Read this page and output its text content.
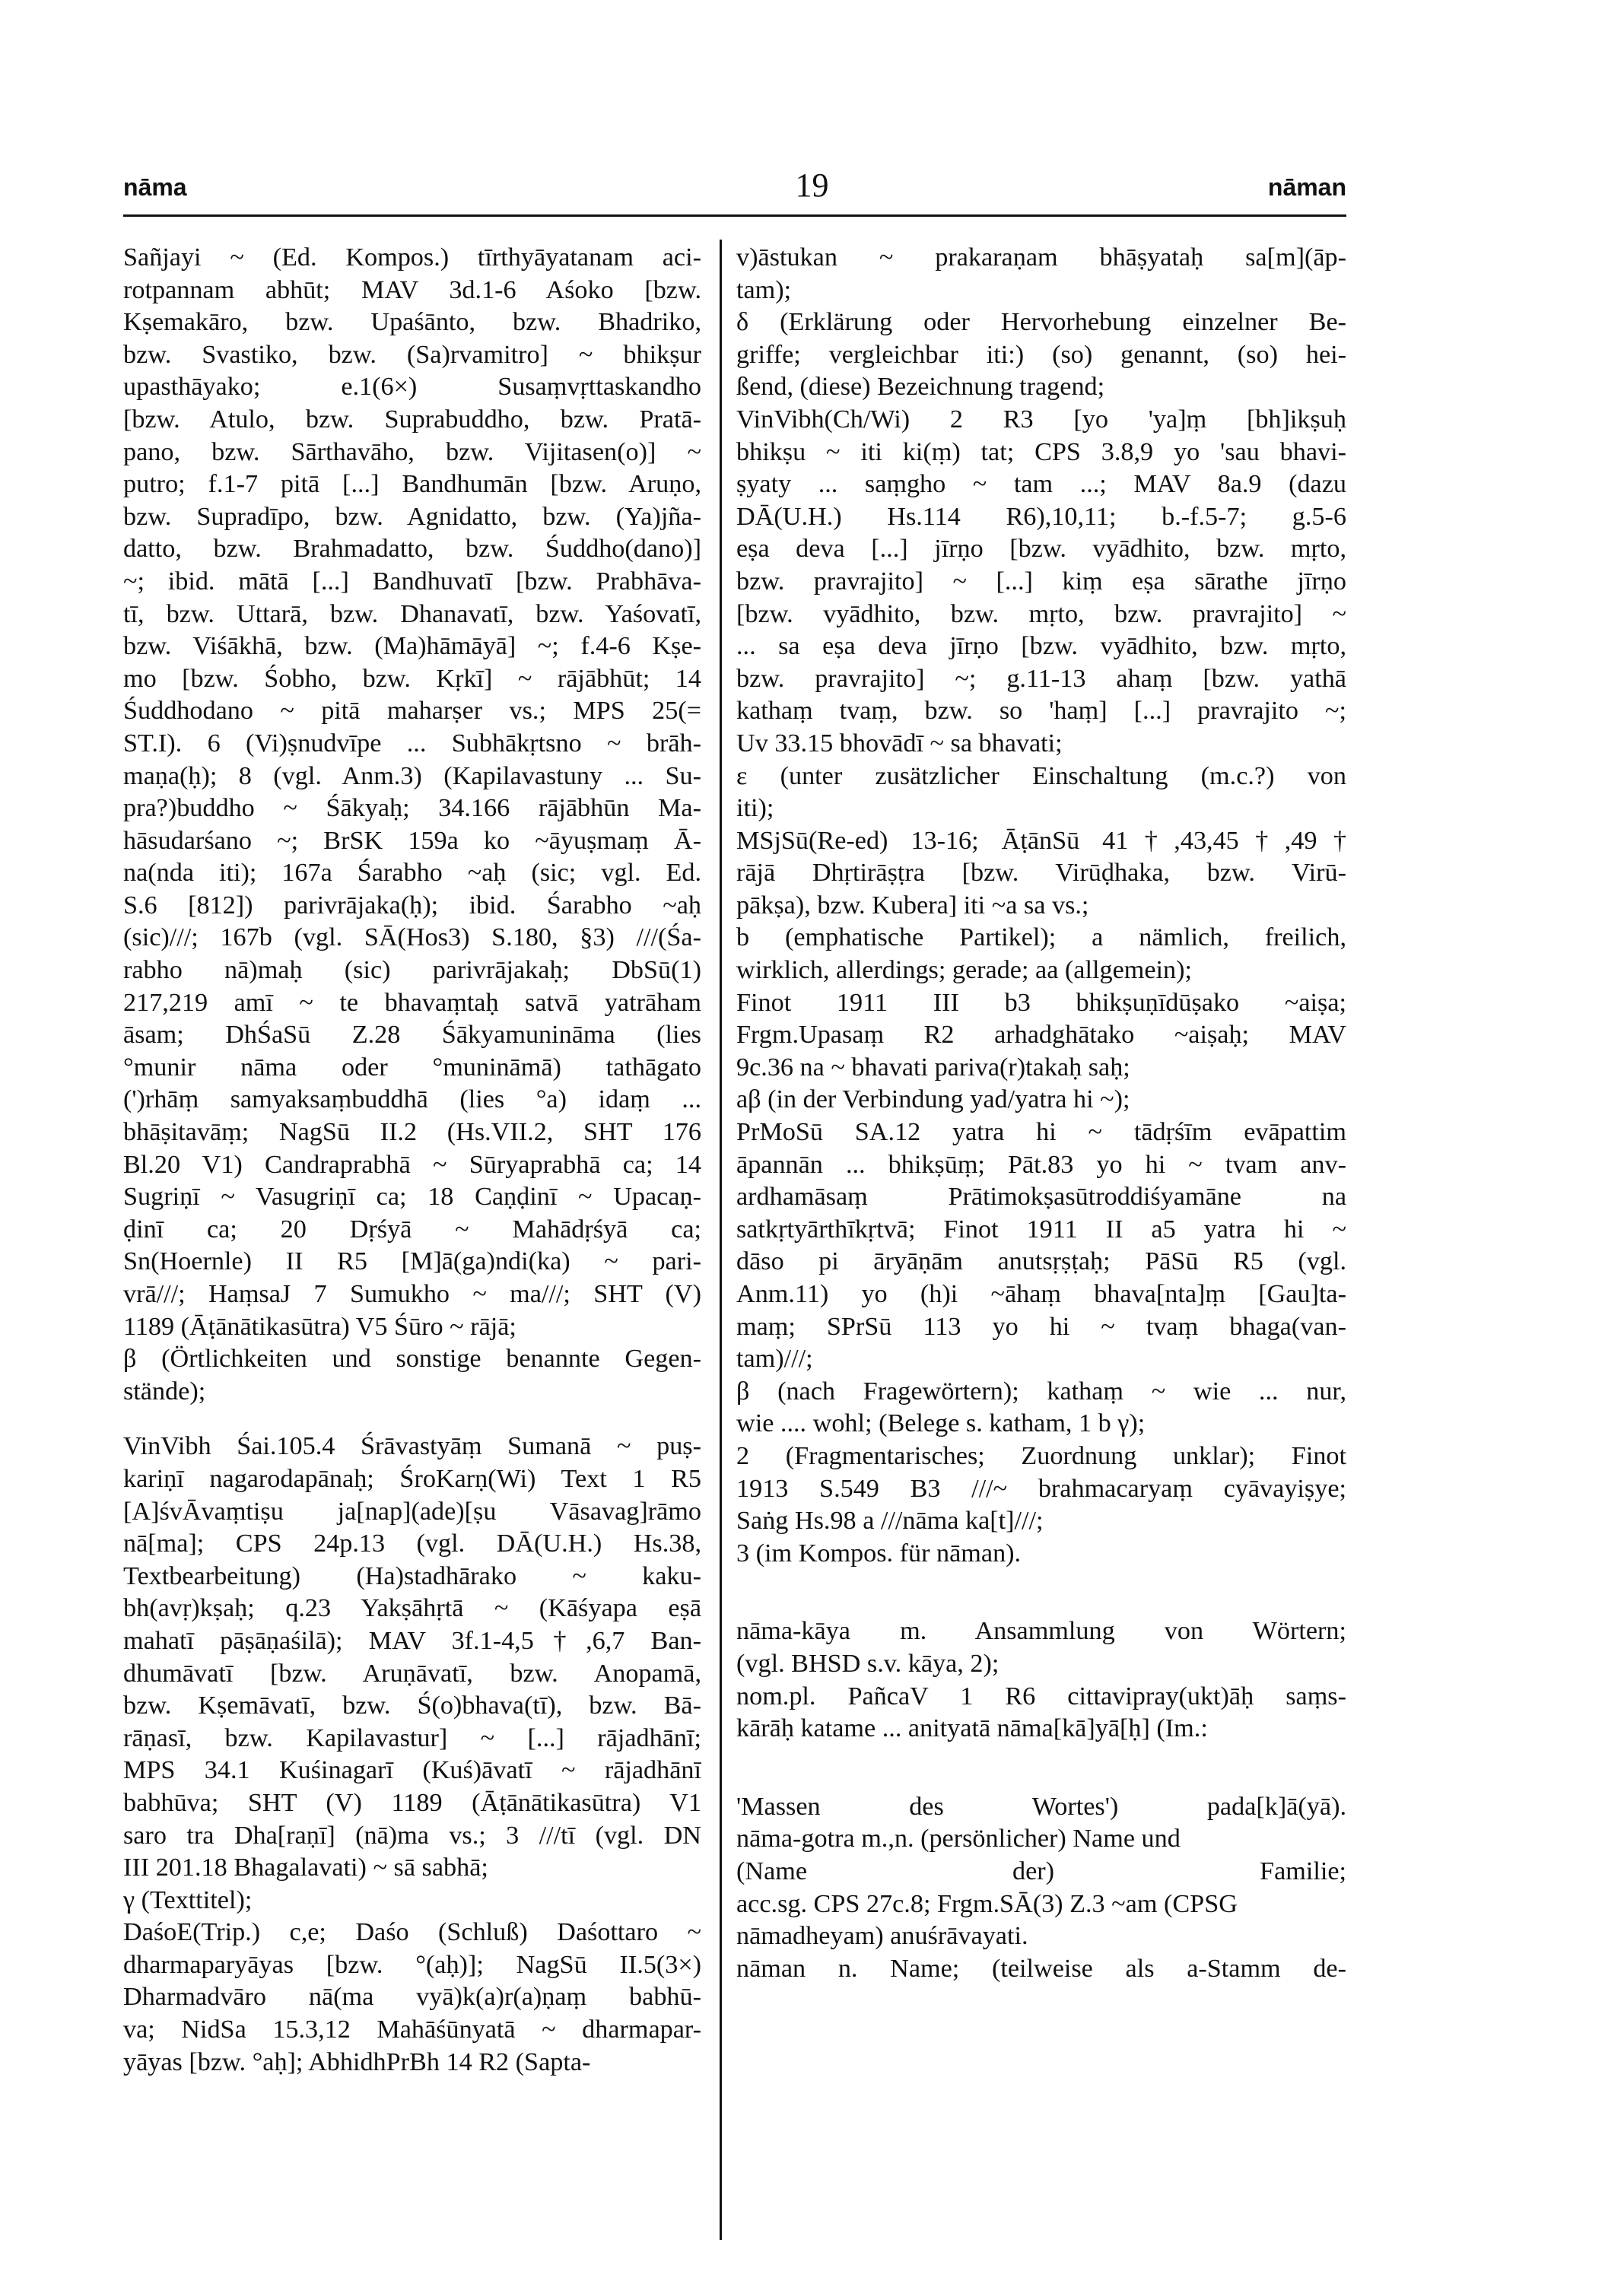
nāma	19	nāman
Sañjayi ~ (Ed. Kompos.) tīrthyāyatanam aci-
rotpannam abhūt; MAV 3d.1-6 Aśoko [bzw.
Kṣemakāro, bzw. Upaśānto, bzw. Bhadriko,
bzw. Svastiko, bzw. (Sa)rvamitro] ~ bhikṣur
upasthāyako; e.1(6×) Susaṃvṛttaskandho
[bzw. Atulo, bzw. Suprabuddho, bzw. Pratā-
pano, bzw. Sārthavāho, bzw. Vijitasen(o)] ~
putro; f.1-7 pitā [...] Bandhumān [bzw. Aruṇo,
bzw. Supradīpo, bzw. Agnidatto, bzw. (Ya)jña-
datto, bzw. Brahmadatto, bzw. Śuddho(dano)]
~; ibid. mātā [...] Bandhuvatī [bzw. Prabhāva-
tī, bzw. Uttarā, bzw. Dhanavatī, bzw. Yaśovatī,
bzw. Viśākhā, bzw. (Ma)hāmāyā] ~; f.4-6 Kṣe-
mo [bzw. Śobho, bzw. Kṛkī] ~ rājābhūt; 14
Śuddhodano ~ pitā maharṣer vs.; MPS 25(=
ST.I). 6 (Vi)ṣnudvīpe ... Subhākṛtsno ~ brāh-
maṇa(ḥ); 8 (vgl. Anm.3) (Kapilavastuny ... Su-
pra?)buddho ~ Śākyaḥ; 34.166 rājābhūn Ma-
hāsudarśano ~; BrSK 159a ko ~āyuṣmaṃ Ā-
na(nda iti); 167a Śarabho ~aḥ (sic; vgl. Ed.
S.6 [812]) parivrājaka(ḥ); ibid. Śarabho ~aḥ
(sic)///; 167b (vgl. SĀ(Hos3) S.180, §3) ///(Śa-
rabho nā)maḥ (sic) parivrājakaḥ; DbSū(1)
217,219 amī ~ te bhavaṃtaḥ satvā yatrāham
āsam; DhŚaSū Z.28 Śākyamunināma (lies
°munir nāma oder °munināmā) tathāgato
(')rhāṃ samyaksaṃbuddhā (lies °a) idaṃ ...
bhāṣitavāṃ; NagSū II.2 (Hs.VII.2, SHT 176
Bl.20 V1) Candraprabhā ~ Sūryaprabhā ca; 14
Sugriṇī ~ Vasugriṇī ca; 18 Caṇḍinī ~ Upacaṇ-
ḍinī ca; 20 Dṛśyā ~ Mahādṛśyā ca;
Sn(Hoernle) II R5 [M]ā(ga)ndi(ka) ~ pari-
vrā///; HaṃsaJ 7 Sumukho ~ ma///; SHT (V)
1189 (Āṭānātikasūtra) V5 Śūro ~ rājā;
β (Örtlichkeiten und sonstige benannte Gegen-
stände);
VinVibh Śai.105.4 Śrāvastyāṃ Sumanā ~ puṣ-
kariṇī nagarodapānaḥ; ŚroKarṇ(Wi) Text 1 R5
[A]śvĀvaṃtiṣu ja[nap](ade)[ṣu Vāsavag]rāmo
nā[ma]; CPS 24p.13 (vgl. DĀ(U.H.) Hs.38,
Textbearbeitung) (Ha)stadhārako ~ kaku-
bh(avṛ)kṣaḥ; q.23 Yakṣāhṛtā ~ (Kāśyapa eṣā
mahatī pāṣāṇaśilā); MAV 3f.1-4,5†,6,7 Ban-
dhumāvatī [bzw. Aruṇāvatī, bzw. Anopamā,
bzw. Kṣemāvatī, bzw. Ś(o)bhava(tī), bzw. Bā-
rāṇasī, bzw. Kapilavastur] ~ [...] rājadhānī;
MPS 34.1 Kuśinagarī (Kuś)āvatī ~ rājadhānī
babhūva; SHT (V) 1189 (Āṭānātikasūtra) V1
saro tra Dha[raṇī] (nā)ma vs.; 3 ///tī (vgl. DN
III 201.18 Bhagalavati) ~ sā sabhā;
γ (Texttitel);
DaśoE(Trip.) c,e; Daśo (Schluß) Daśottaro ~
dharmaparyāyas [bzw. °(aḥ)]; NagSū II.5(3×)
Dharmadvāro nā(ma vyā)k(a)r(a)ṇaṃ babhū-
va; NidSa 15.3,12 Mahāśūnyatā ~ dharmapar-
yāyas [bzw. °aḥ]; AbhidhPrBh 14 R2 (Sapta-
v)āstukan ~ prakaraṇam bhāṣyataḥ sa[m](āp-
tam);
δ (Erklärung oder Hervorhebung einzelner Be-
griffe; vergleichbar iti:) (so) genannt, (so) hei-
ßend, (diese) Bezeichnung tragend;
VinVibh(Ch/Wi) 2 R3 [yo 'ya]ṃ [bh]ikṣuḥ
bhikṣu ~ iti ki(ṃ) tat; CPS 3.8,9 yo 'sau bhavi-
ṣyaty ... saṃgho ~ tam ...; MAV 8a.9 (dazu
DĀ(U.H.) Hs.114 R6),10,11; b.-f.5-7; g.5-6
eṣa deva [...] jīrṇo [bzw. vyādhito, bzw. mṛto,
bzw. pravrajito] ~ [...] kiṃ eṣa sārathe jīrṇo
[bzw. vyādhito, bzw. mṛto, bzw. pravrajito] ~
... sa eṣa deva jīrṇo [bzw. vyādhito, bzw. mṛto,
bzw. pravrajito] ~; g.11-13 ahaṃ [bzw. yathā
kathaṃ tvaṃ, bzw. so 'haṃ] [...] pravrajito ~;
Uv 33.15 bhovādī ~ sa bhavati;
ε (unter zusätzlicher Einschaltung (m.c.?) von
iti);
MSjSū(Re-ed) 13-16; ĀṭānSū 41†,43,45†,49†
rājā Dhṛtirāṣṭra [bzw. Virūḍhaka, bzw. Virū-
pākṣa), bzw. Kubera] iti ~a sa vs.;
b (emphatische Partikel); a nämlich, freilich,
wirklich, allerdings; gerade; aa (allgemein);
Finot 1911 III b3 bhikṣuṇīdūṣako ~aiṣa;
Frgm.Upasaṃ R2 arhadghātako ~aiṣaḥ; MAV
9c.36 na ~ bhavati pariva(r)takaḥ saḥ;
aβ (in der Verbindung yad/yatra hi ~);
PrMoSū SA.12 yatra hi ~ tādṛśīm evāpattim
āpannān ... bhikṣūṃ; Pāt.83 yo hi ~ tvam anv-
ardhamāsaṃ Prātimokṣasūtroddiśyamāne na
satkṛtyārthīkṛtvā; Finot 1911 II a5 yatra hi ~
dāso pi āryāṇām anutsṛṣṭaḥ; PāSū R5 (vgl.
Anm.11) yo (h)i ~āhaṃ bhava[nta]ṃ [Gau]ta-
maṃ; SPrSū 113 yo hi ~ tvaṃ bhaga(van-
tam)///;
β (nach Fragewörtern); kathaṃ ~ wie ... nur,
wie .... wohl; (Belege s. katham, 1 b γ);
2 (Fragmentarisches; Zuordnung unklar); Finot
1913 S.549 B3 ///~ brahmacaryaṃ cyāvayiṣye;
Saṅg Hs.98 a ///nāma ka[t]///;
3 (im Kompos. für nāman).
nāma-kāya m. Ansammlung von Wörtern;
(vgl. BHSD s.v. kāya, 2);
nom.pl. PañcaV 1 R6 cittavipray(ukt)āḥ saṃs-
kārāḥ katame ... anityatā nāma[kā]yā[ḥ] (Im.:
'Massen des Wortes') pada[k]ā(yā).
nāma-gotra m.,n. (persönlicher) Name und
(Name der) Familie;
acc.sg. CPS 27c.8; Frgm.SĀ(3) Z.3 ~am (CPSG
nāmadheyam) anuśrāvayati.
nāman n. Name; (teilweise als a-Stamm de-
